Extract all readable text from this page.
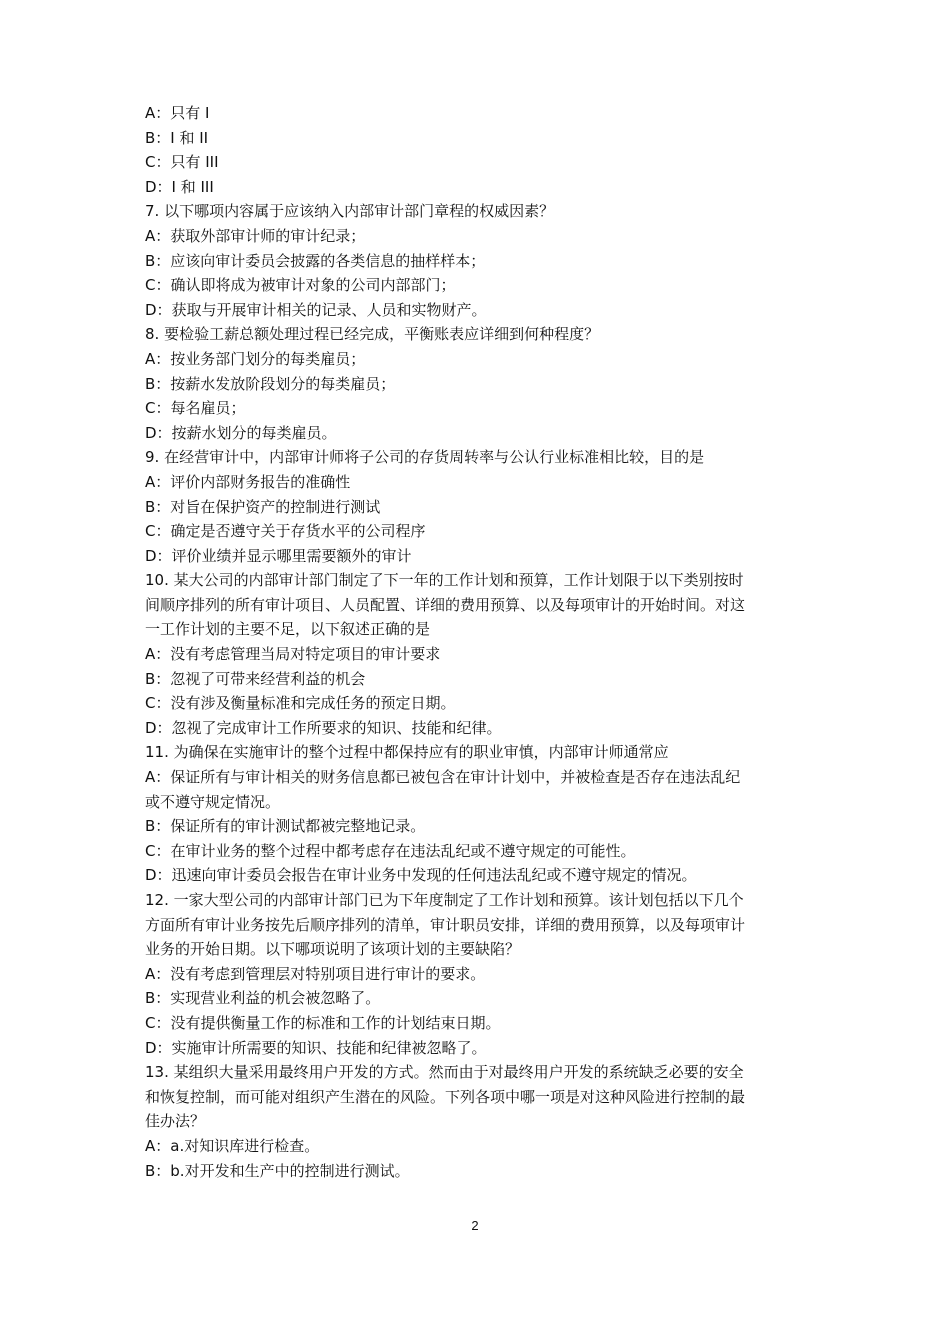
A：只有 I
B：I 和 II
C：只有 III
D：I 和 III
7. 以下哪项内容属于应该纳入内部审计部门章程的权威因素？
A：获取外部审计师的审计纪录；
B：应该向审计委员会披露的各类信息的抽样样本；
C：确认即将成为被审计对象的公司内部部门；
D：获取与开展审计相关的记录、人员和实物财产。
8. 要检验工薪总额处理过程已经完成，平衡账表应详细到何种程度？
A：按业务部门划分的每类雇员；
B：按薪水发放阶段划分的每类雇员；
C：每名雇员；
D：按薪水划分的每类雇员。
9. 在经营审计中，内部审计师将子公司的存货周转率与公认行业标准相比较，目的是
A：评价内部财务报告的准确性
B：对旨在保护资产的控制进行测试
C：确定是否遵守关于存货水平的公司程序
D：评价业绩并显示哪里需要额外的审计
10. 某大公司的内部审计部门制定了下一年的工作计划和预算，工作计划限于以下类别按时
间顺序排列的所有审计项目、人员配置、详细的费用预算、以及每项审计的开始时间。对这
一工作计划的主要不足，以下叙述正确的是
A：没有考虑管理当局对特定项目的审计要求
B：忽视了可带来经营利益的机会
C：没有涉及衡量标准和完成任务的预定日期。
D：忽视了完成审计工作所要求的知识、技能和纪律。
11. 为确保在实施审计的整个过程中都保持应有的职业审慎，内部审计师通常应
A：保证所有与审计相关的财务信息都已被包含在审计计划中，并被检查是否存在违法乱纪
或不遵守规定情况。
B：保证所有的审计测试都被完整地记录。
C：在审计业务的整个过程中都考虑存在违法乱纪或不遵守规定的可能性。
D：迅速向审计委员会报告在审计业务中发现的任何违法乱纪或不遵守规定的情况。
12. 一家大型公司的内部审计部门已为下年度制定了工作计划和预算。该计划包括以下几个
方面所有审计业务按先后顺序排列的清单，审计职员安排，详细的费用预算，以及每项审计
业务的开始日期。以下哪项说明了该项计划的主要缺陷？
A：没有考虑到管理层对特别项目进行审计的要求。
B：实现营业利益的机会被忽略了。
C：没有提供衡量工作的标准和工作的计划结束日期。
D：实施审计所需要的知识、技能和纪律被忽略了。
13. 某组织大量采用最终用户开发的方式。然而由于对最终用户开发的系统缺乏必要的安全
和恢复控制，而可能对组织产生潜在的风险。下列各项中哪一项是对这种风险进行控制的最
佳办法？
A：a.对知识库进行检查。
B：b.对开发和生产中的控制进行测试。
2
